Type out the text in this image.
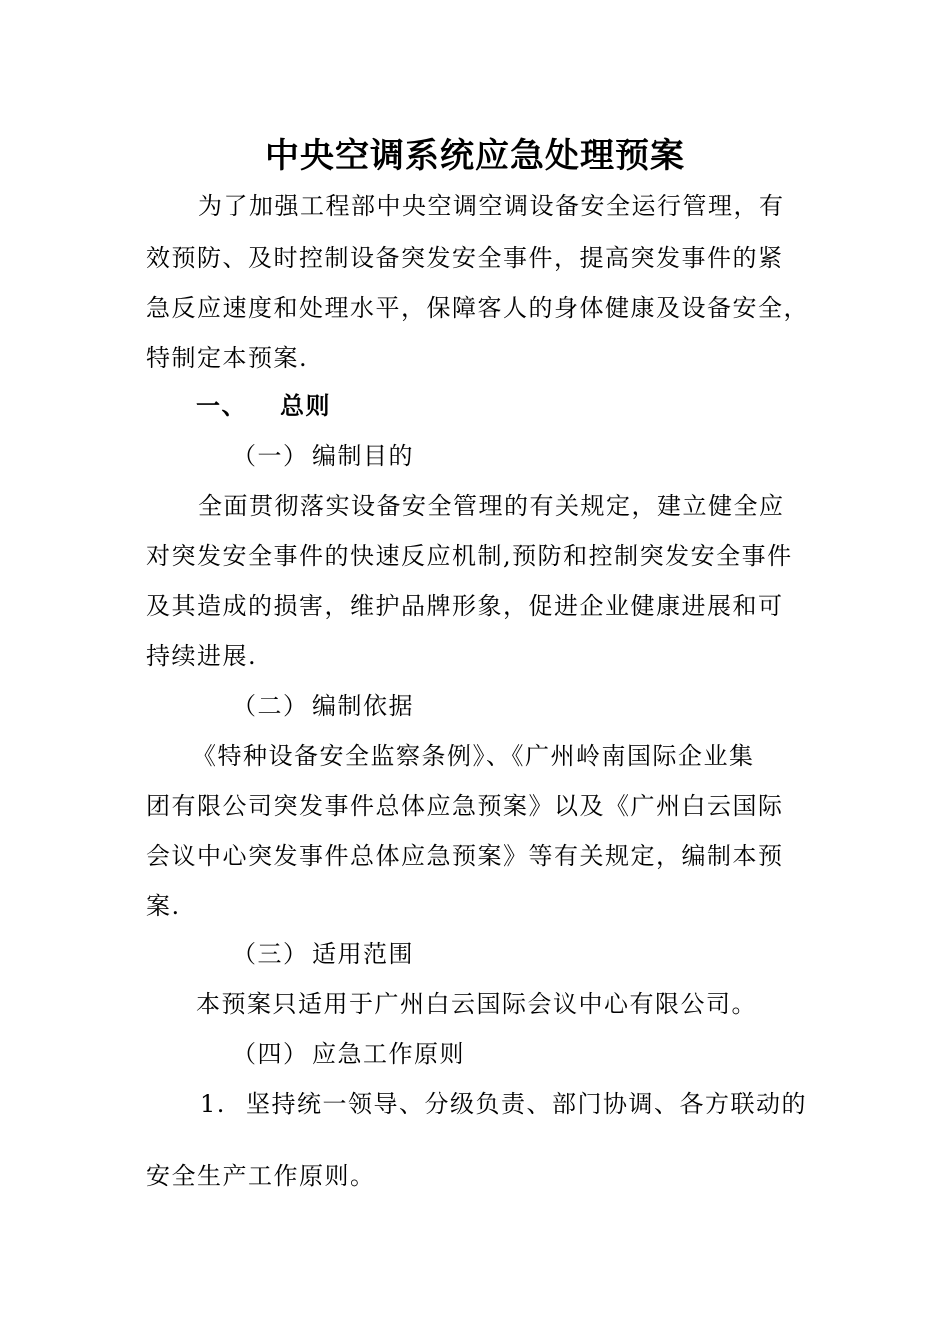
中央空调系统应急处理预案
为了加强工程部中央空调空调设备安全运行管理，有
效预防、及时控制设备突发安全事件，提高突发事件的紧
急反应速度和处理水平，保障客人的身体健康及设备安全，
特制定本预案.
一、 总则
（一） 编制目的
全面贯彻落实设备安全管理的有关规定，建立健全应
对突发安全事件的快速反应机制,预防和控制突发安全事件
及其造成的损害，维护品牌形象，促进企业健康进展和可
持续进展.
（二） 编制依据
《特种设备安全监察条例》、《广州岭南国际企业集
团有限公司突发事件总体应急预案》以及《广州白云国际
会议中心突发事件总体应急预案》等有关规定，编制本预
案.
（三） 适用范围
本预案只适用于广州白云国际会议中心有限公司。
（四） 应急工作原则
1. 坚持统一领导、分级负责、部门协调、各方联动的
安全生产工作原则。
